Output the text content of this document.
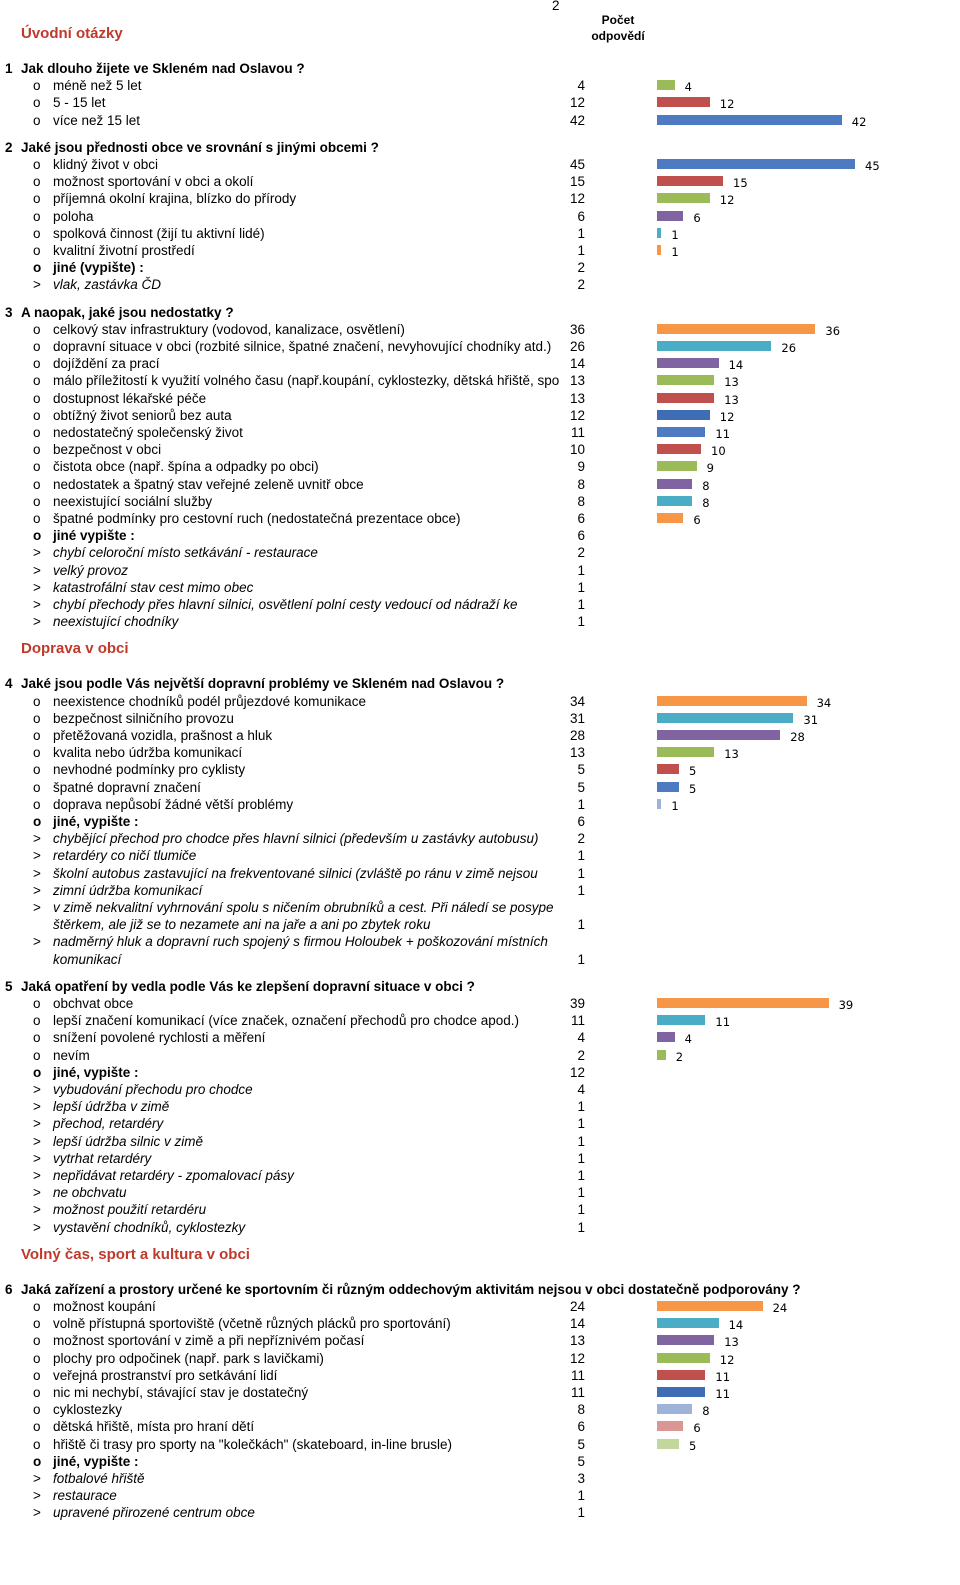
2
Počet
odpovědí
Úvodní otázky
1 Jak dlouho žijete ve Skleném nad Oslavou ?
o méně než 5 let	4	4
o 5 - 15 let	12	12
o více než 15 let	42	42
2 Jaké jsou přednosti obce ve srovnání s jinými obcemi ?
o klidný život v obci	45	45
o možnost sportování v obci a okolí	15	15
o příjemná okolní krajina, blízko do přírody	12	12
o poloha	6	6
o spolková činnost (žijí tu aktivní lidé)	1	1
o kvalitní životní prostředí	1	1
o jiné (vypište) :	2
> vlak, zastávka ČD	2
3 A naopak, jaké jsou nedostatky ?
o celkový stav infrastruktury (vodovod, kanalizace, osvětlení)	36	36
o dopravní situace v obci (rozbité silnice, špatné značení, nevyhovující chodníky atd.)	26	26
o dojíždění za prací	14	14
o málo příležitostí k využití volného času (např.koupání, cyklostezky, dětská hřiště, spo 13	13
o dostupnost lékařské péče	13	13
o obtížný život seniorů bez auta	12	12
o nedostatečný společenský život	11	11
o bezpečnost v obci	10	10
o čistota obce (např. špína a odpadky po obci)	9	9
o nedostatek a špatný stav veřejné zeleně uvnitř obce	8	8
o neexistující sociální služby	8	8
o špatné podmínky pro cestovní ruch (nedostatečná prezentace obce)	6	6
o jiné vypište :	6
> chybí celoroční místo setkávání - restaurace	2
> velký provoz	1
> katastrofální stav cest mimo obec	1
> chybí přechody přes hlavní silnici, osvětlení polní cesty vedoucí od nádraží ke	1
> neexistující chodníky	1
Doprava v obci
4 Jaké jsou podle Vás největší dopravní problémy ve Skleném nad Oslavou ?
o neexistence chodníků podél průjezdové komunikace	34	34
o bezpečnost silničního provozu	31	31
o přetěžovaná vozidla, prašnost a hluk	28	28
o kvalita nebo údržba komunikací	13	13
o nevhodné podmínky pro cyklisty	5	5
o špatné dopravní značení	5	5
o doprava nepůsobí žádné větší problémy	1	1
o jiné, vypište :	6
> chybějící přechod pro chodce přes hlavní silnici (především u zastávky autobusu)	2
> retardéry co ničí tlumiče	1
> školní autobus zastavující na frekventované silnici (zvláště po ránu v zimě nejsou	1
> zimní údržba komunikací	1
> v zimě nekvalitní vyhrnování spolu s ničením obrubníků a cest. Při náledí se posype
štěrkem, ale již se to nezamete ani na jaře a ani po zbytek roku	1
> nadměrný hluk a dopravní ruch spojený s firmou Holoubek + poškozování místních
komunikací	1
5 Jaká opatření by vedla podle Vás ke zlepšení dopravní situace v obci ?
o obchvat obce	39	39
o lepší značení komunikací (více značek, označení přechodů pro chodce apod.)	11	11
o snížení povolené rychlosti a měření	4	4
o nevím	2	2
o jiné, vypište :	12
> vybudování přechodu pro chodce	4
> lepší údržba v zimě	1
> přechod, retardéry	1
> lepší údržba silnic v zimě	1
> vytrhat retardéry	1
> nepřidávat retardéry - zpomalovací pásy	1
> ne obchvatu	1
> možnost použití retardéru	1
> vystavění chodníků, cyklostezky	1
Volný čas, sport a kultura v obci
6 Jaká zařízení a prostory určené ke sportovním či různým oddechovým aktivitám nejsou v obci dostatečně podporovány ?
o možnost koupání	24	24
o volně přístupná sportoviště (včetně různých plácků pro sportování)	14	14
o možnost sportování v zimě a při nepříznivém počasí	13	13
o plochy pro odpočinek (např. park s lavičkami)	12	12
o veřejná prostranství pro setkávání lidí	11	11
o nic mi nechybí, stávající stav je dostatečný	11	11
o cyklostezky	8	8
o dětská hřiště, místa pro hraní dětí	6	6
o hřiště či trasy pro sporty na "kolečkách" (skateboard, in-line brusle)	5	5
o jiné, vypište :	5
> fotbalové hřiště	3
> restaurace	1
> upravené přirozené centrum obce	1
